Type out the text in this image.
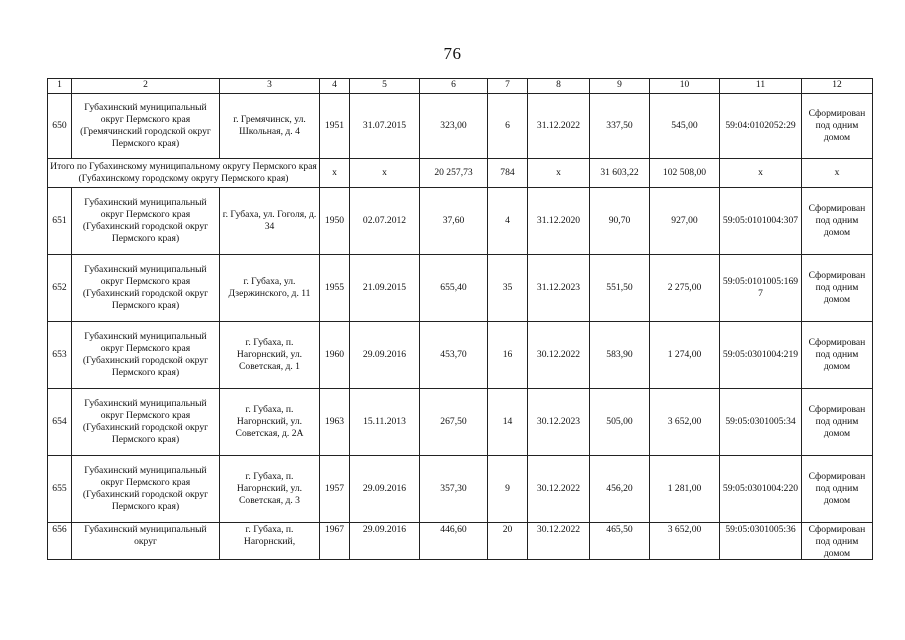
76
1	2	3	4	5	6	7	8	9	10	11	12
650	Губахинский муниципальный округ Пермского края (Гремячинский городской округ Пермского края)	г. Гремячинск, ул. Школьная, д. 4	1951	31.07.2015	323,00	6	31.12.2022	337,50	545,00	59:04:0102052:29	Сформирован под одним домом
Итого по Губахинскому муниципальному округу Пермского края (Губахинскому городскому округу Пермского края)			x	x	20 257,73	784	x	31 603,22	102 508,00	x	x
651	Губахинский муниципальный округ Пермского края (Губахинский городской округ Пермского края)	г. Губаха, ул. Гоголя, д. 34	1950	02.07.2012	37,60	4	31.12.2020	90,70	927,00	59:05:0101004:307	Сформирован под одним домом
652	Губахинский муниципальный округ Пермского края (Губахинский городской округ Пермского края)	г. Губаха, ул. Дзержинского, д. 11	1955	21.09.2015	655,40	35	31.12.2023	551,50	2 275,00	59:05:0101005:1697	Сформирован под одним домом
653	Губахинский муниципальный округ Пермского края (Губахинский городской округ Пермского края)	г. Губаха, п. Нагорнский, ул. Советская, д. 1	1960	29.09.2016	453,70	16	30.12.2022	583,90	1 274,00	59:05:0301004:219	Сформирован под одним домом
654	Губахинский муниципальный округ Пермского края (Губахинский городской округ Пермского края)	г. Губаха, п. Нагорнский, ул. Советская, д. 2А	1963	15.11.2013	267,50	14	30.12.2023	505,00	3 652,00	59:05:0301005:34	Сформирован под одним домом
655	Губахинский муниципальный округ Пермского края (Губахинский городской округ Пермского края)	г. Губаха, п. Нагорнский, ул. Советская, д. 3	1957	29.09.2016	357,30	9	30.12.2022	456,20	1 281,00	59:05:0301004:220	Сформирован под одним домом
656	Губахинский муниципальный округ	г. Губаха, п. Нагорнский,	1967	29.09.2016	446,60	20	30.12.2022	465,50	3 652,00	59:05:0301005:36	Сформирован под одним домом
